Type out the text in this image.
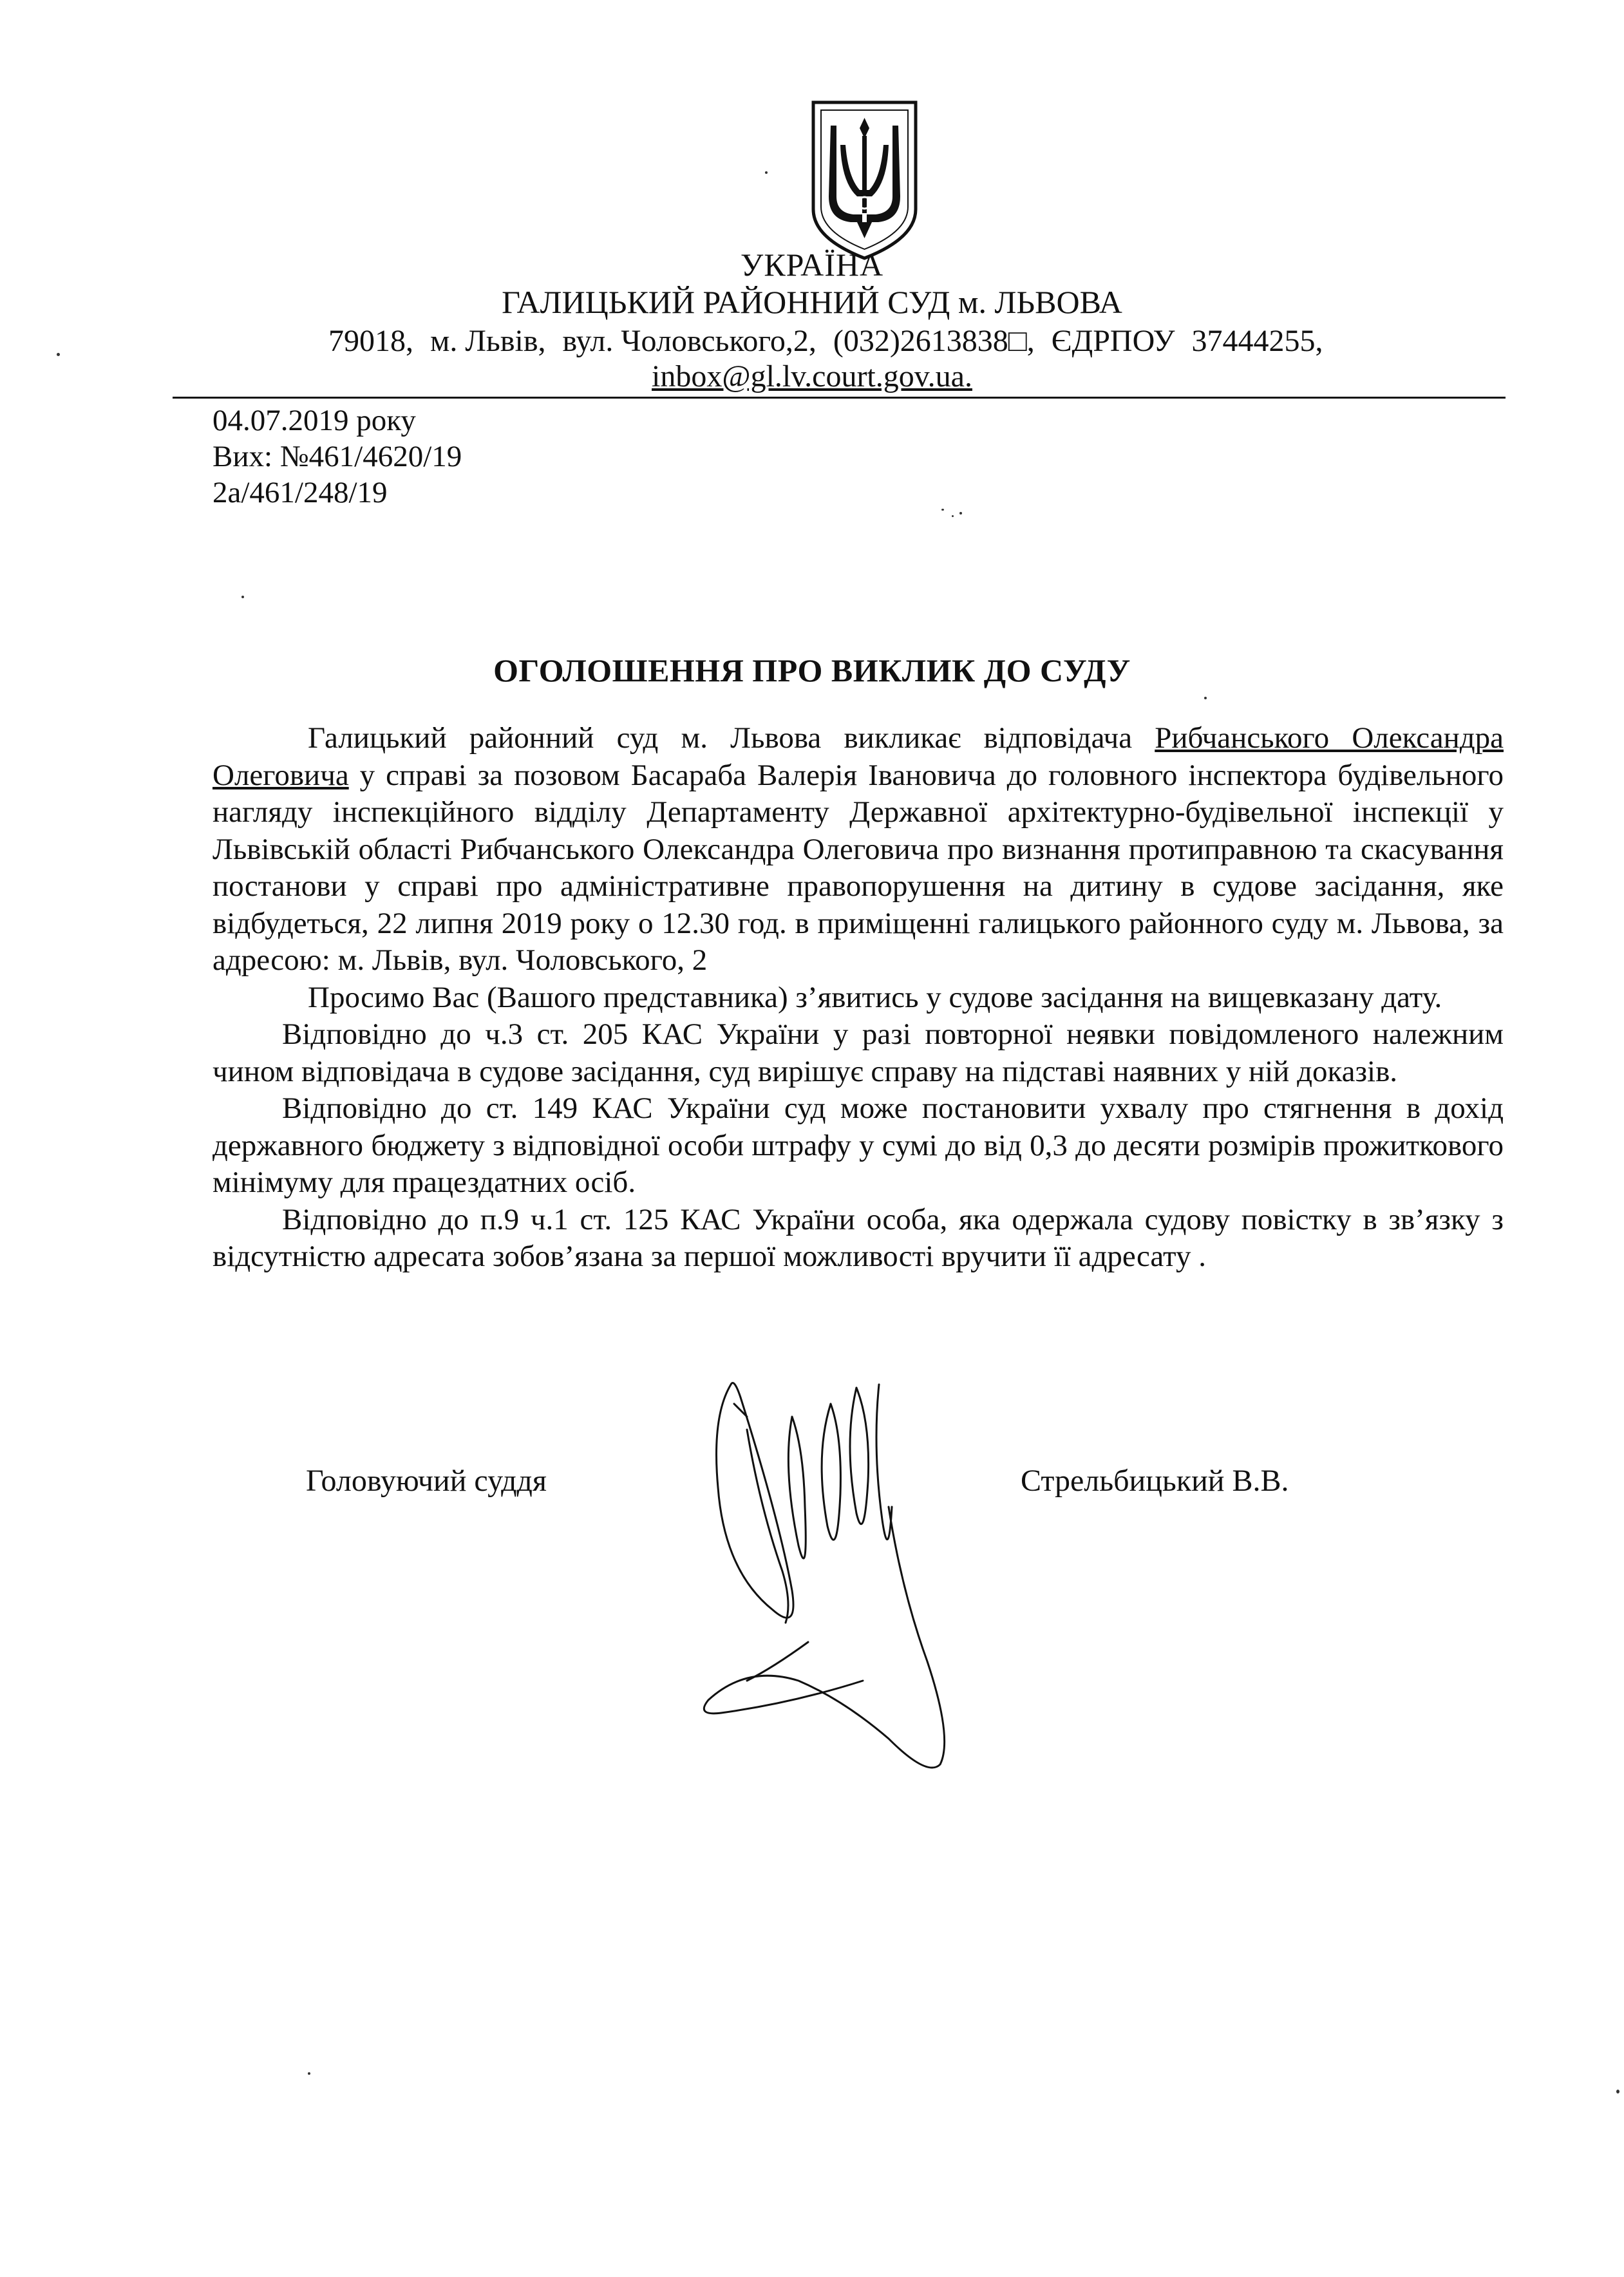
УКРАЇНА
ГАЛИЦЬКИЙ РАЙОННИЙ СУД м. ЛЬВОВА
79018, м. Львів, вул. Чоловського,2, (032)2613838□, ЄДРПОУ 37444255,
inbox@gl.lv.court.gov.ua.
04.07.2019 року
Вих: №461/4620/19
2а/461/248/19
ОГОЛОШЕННЯ ПРО ВИКЛИК ДО СУДУ

Галицький районний суд м. Львова викликає відповідача Рибчанського Олександра Олеговича у справі за позовом Басараба Валерія Івановича до головного інспектора будівельного нагляду інспекційного відділу Департаменту Державної архітектурно-будівельної інспекції у Львівській області Рибчанського Олександра Олеговича про визнання протиправною та скасування постанови у справі про адміністративне правопорушення на дитину в судове засідання, яке відбудеться, 22 липня 2019 року о 12.30 год. в приміщенні галицького районного суду м. Львова, за адресою: м. Львів, вул. Чоловського, 2

Просимо Вас (Вашого представника) з’явитись у судове засідання на вищевказану дату.

Відповідно до ч.3 ст. 205 КАС України у разі повторної неявки повідомленого належним чином відповідача в судове засідання, суд вирішує справу на підставі наявних у ній доказів.

Відповідно до ст. 149 КАС України суд може постановити ухвалу про стягнення в дохід державного бюджету з відповідної особи штрафу у сумі до від 0,3 до десяти розмірів прожиткового мінімуму для працездатних осіб.

Відповідно до п.9 ч.1 ст. 125 КАС України особа, яка одержала судову повістку в зв’язку з відсутністю адресата зобов’язана за першої можливості вручити її адресату .

Головуючий суддя	Стрельбицький В.В.
